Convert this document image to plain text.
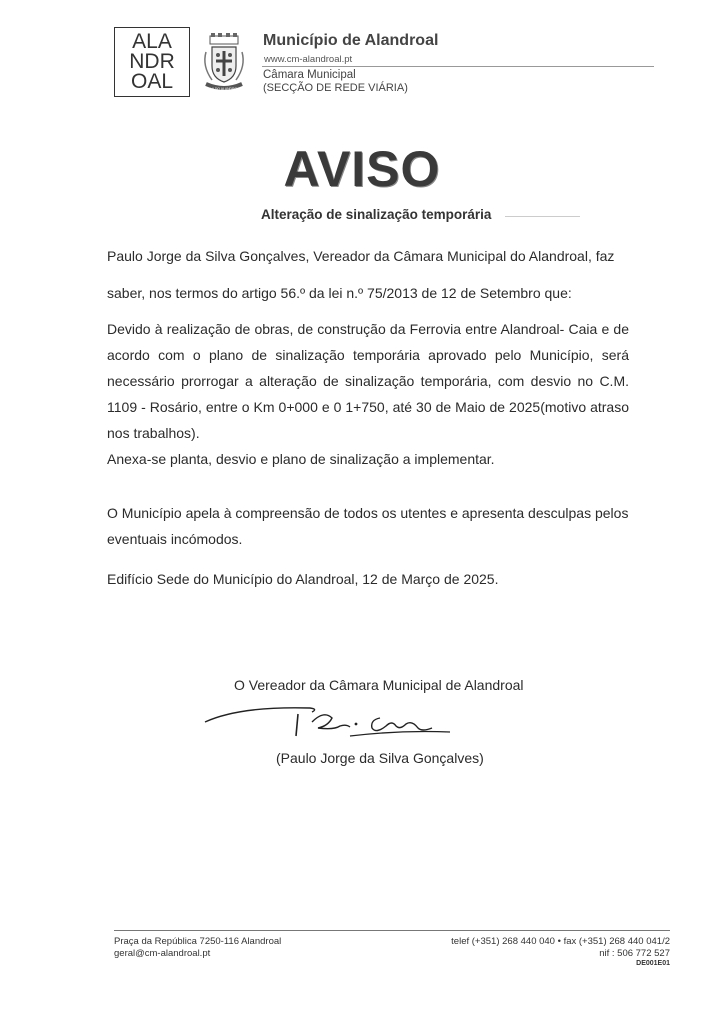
ALA
NDR
OAL	VILA DO ALANDROAL
Município de Alandroal
www.cm-alandroal.pt
Câmara Municipal
(SECÇÃO DE REDE VIÁRIA)
AVISO
Alteração de sinalização temporária
Paulo Jorge da Silva Gonçalves, Vereador da Câmara Municipal do Alandroal, faz
saber, nos termos do artigo 56.º da lei n.º 75/2013 de 12 de Setembro que:
Devido à realização de obras, de construção da Ferrovia entre Alandroal- Caia e de acordo com o plano de sinalização temporária aprovado pelo Município, será necessário prorrogar a alteração de sinalização temporária, com desvio no C.M. 1109 - Rosário, entre o Km 0+000 e 0 1+750, até 30 de Maio de 2025(motivo atraso nos trabalhos).
Anexa-se planta, desvio e plano de sinalização a implementar.
O Município apela à compreensão de todos os utentes e apresenta desculpas pelos eventuais incómodos.
Edifício Sede do Município do Alandroal, 12 de Março de 2025.
O Vereador da Câmara Municipal de Alandroal
(Paulo Jorge da Silva Gonçalves)
Praça da República 7250-116 Alandroal
geral@cm-alandroal.pt
telef (+351) 268 440 040 • fax (+351) 268 440 041/2
nif : 506 772 527
DE001E01
